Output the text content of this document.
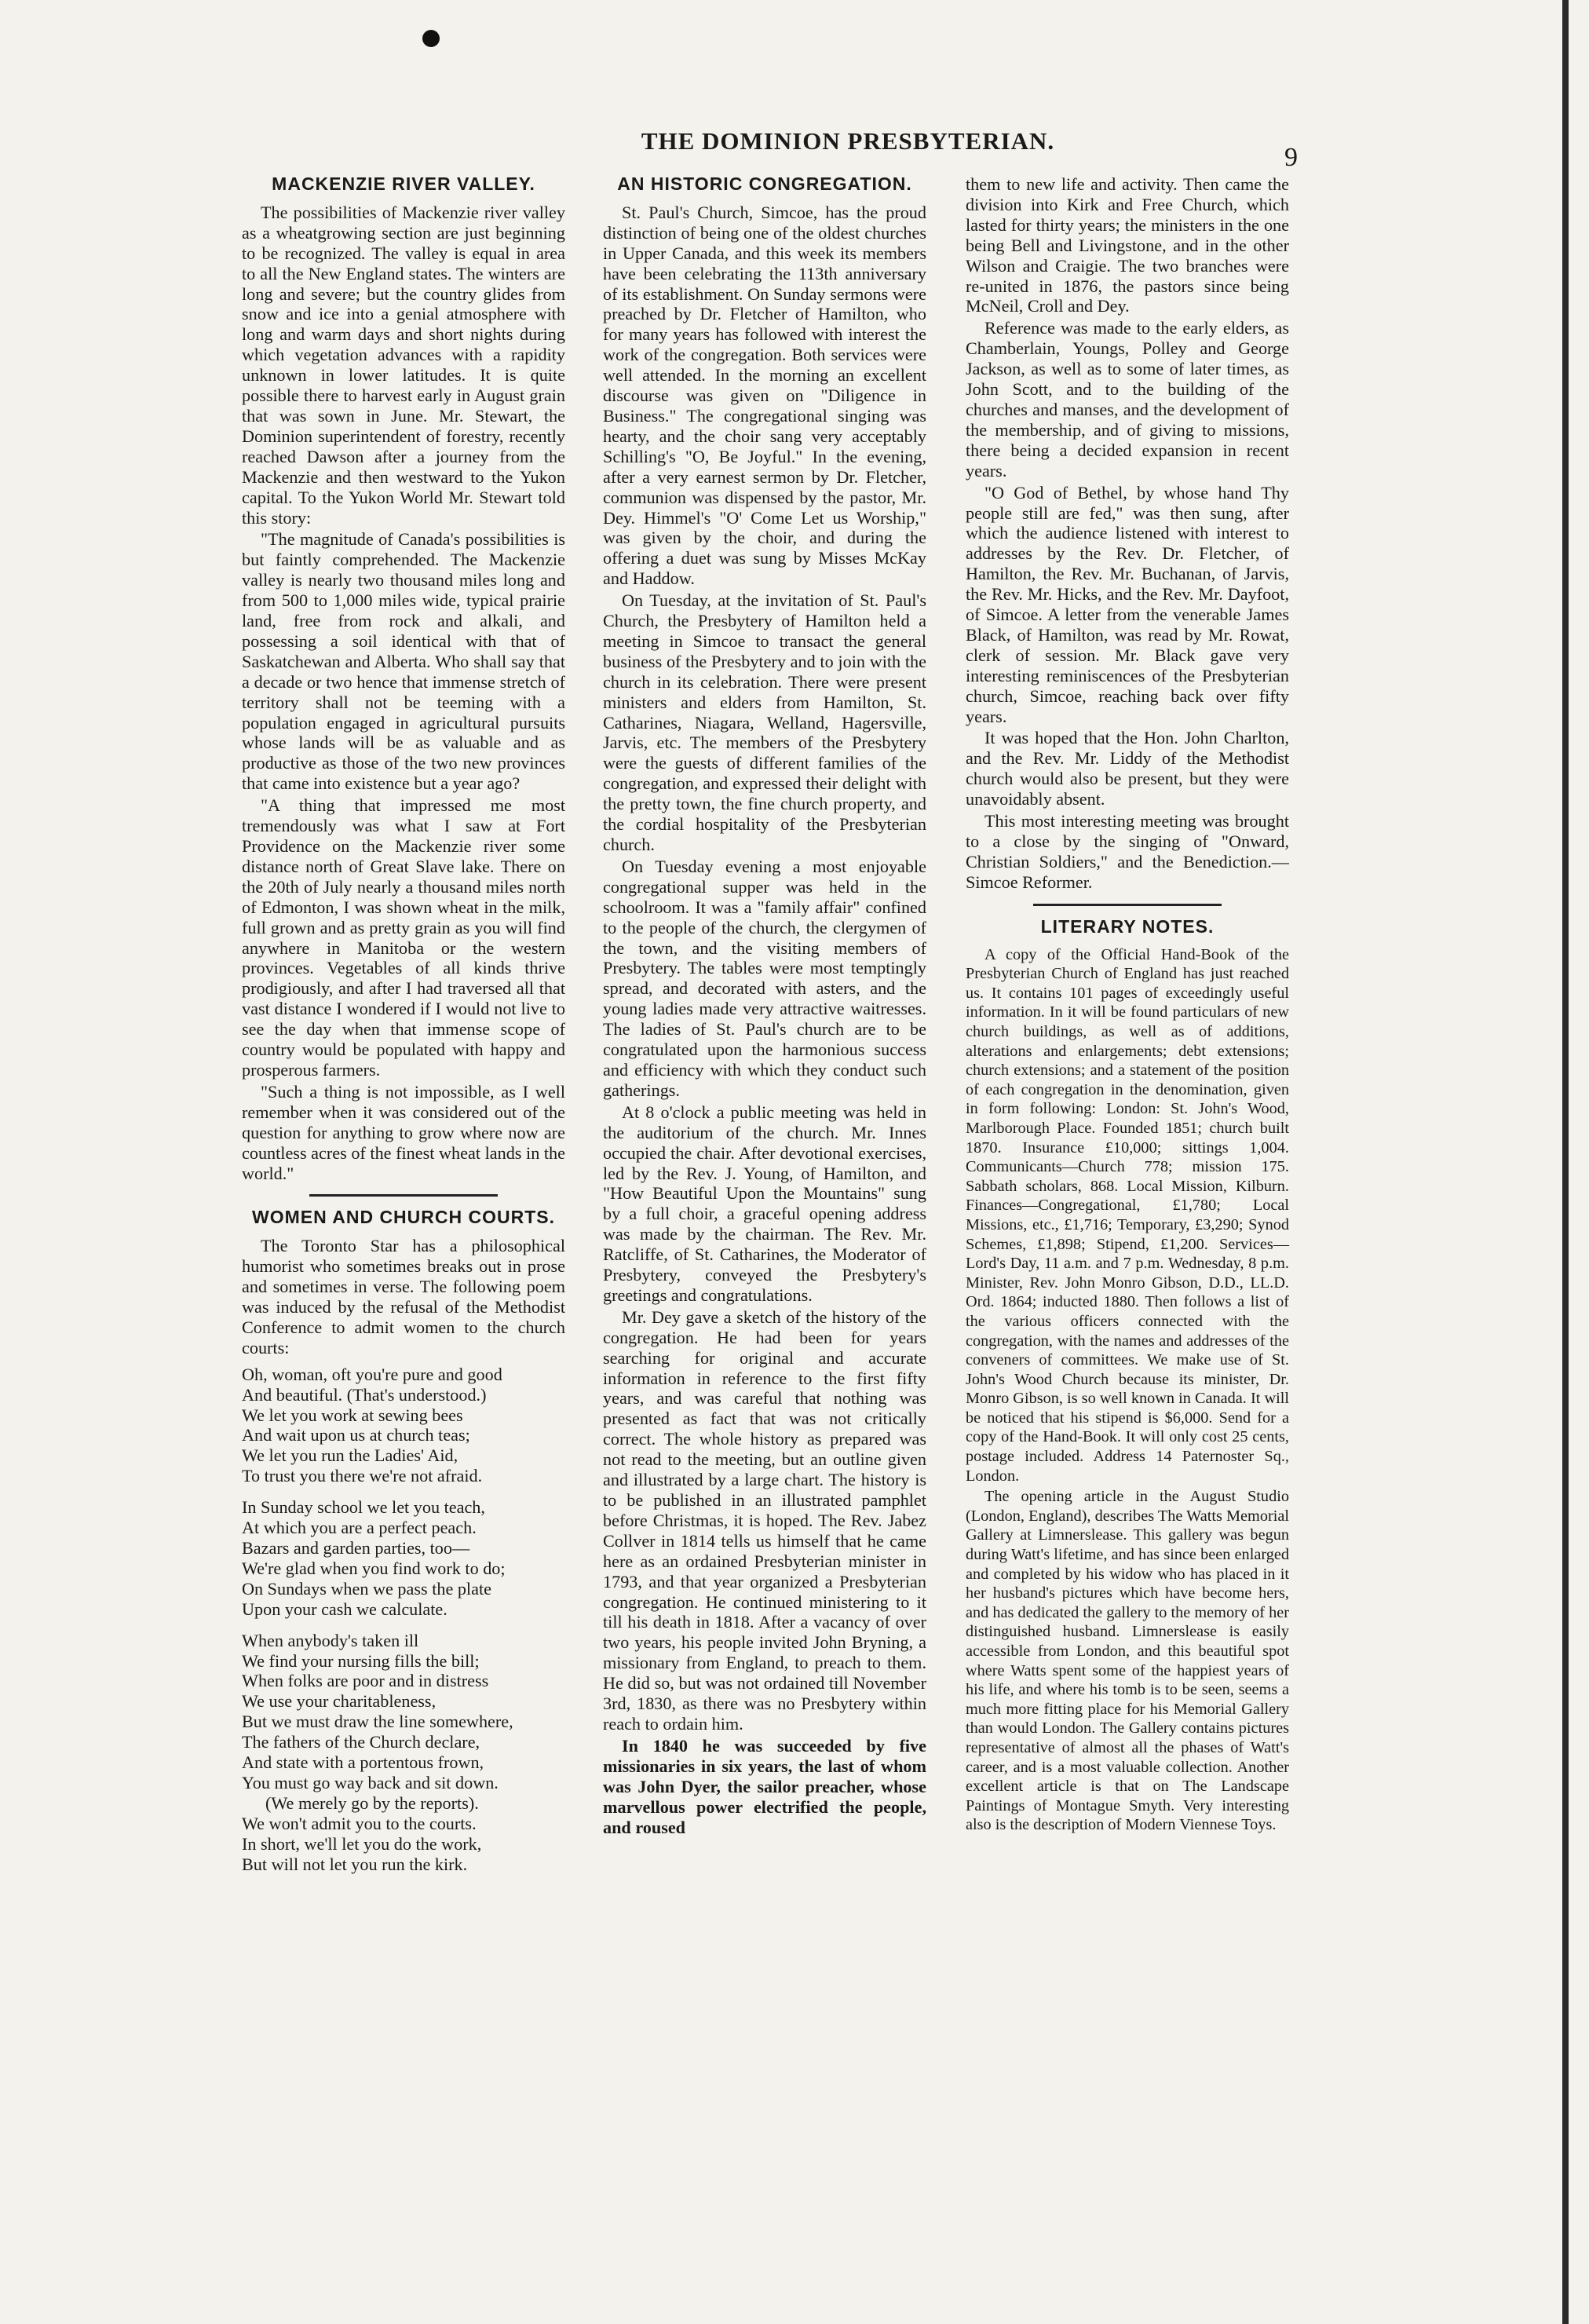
THE DOMINION PRESBYTERIAN.
9
MACKENZIE RIVER VALLEY.

The possibilities of Mackenzie river valley as a wheatgrowing section are just beginning to be recognized. The valley is equal in area to all the New England states. The winters are long and severe; but the country glides from snow and ice into a genial atmosphere with long and warm days and short nights during which vegetation advances with a rapidity unknown in lower latitudes. It is quite possible there to harvest early in August grain that was sown in June. Mr. Stewart, the Dominion superintendent of forestry, recently reached Dawson after a journey from the Mackenzie and then westward to the Yukon capital. To the Yukon World Mr. Stewart told this story:

"The magnitude of Canada's possibilities is but faintly comprehended. The Mackenzie valley is nearly two thousand miles long and from 500 to 1,000 miles wide, typical prairie land, free from rock and alkali, and possessing a soil identical with that of Saskatchewan and Alberta. Who shall say that a decade or two hence that immense stretch of territory shall not be teeming with a population engaged in agricultural pursuits whose lands will be as valuable and as productive as those of the two new provinces that came into existence but a year ago?

"A thing that impressed me most tremendously was what I saw at Fort Providence on the Mackenzie river some distance north of Great Slave lake. There on the 20th of July nearly a thousand miles north of Edmonton, I was shown wheat in the milk, full grown and as pretty grain as you will find anywhere in Manitoba or the western provinces. Vegetables of all kinds thrive prodigiously, and after I had traversed all that vast distance I wondered if I would not live to see the day when that immense scope of country would be populated with happy and prosperous farmers.

"Such a thing is not impossible, as I well remember when it was considered out of the question for anything to grow where now are countless acres of the finest wheat lands in the world."

WOMEN AND CHURCH COURTS.

The Toronto Star has a philosophical humorist who sometimes breaks out in prose and sometimes in verse. The following poem was induced by the refusal of the Methodist Conference to admit women to the church courts:

Oh, woman, oft you're pure and good
And beautiful. (That's understood.)
We let you work at sewing bees
And wait upon us at church teas;
We let you run the Ladies' Aid,
To trust you there we're not afraid.
In Sunday school we let you teach,
At which you are a perfect peach.
Bazars and garden parties, too—
We're glad when you find work to do;
On Sundays when we pass the plate
Upon your cash we calculate.
When anybody's taken ill
We find your nursing fills the bill;
When folks are poor and in distress
We use your charitableness,
But we must draw the line somewhere,
The fathers of the Church declare,
And state with a portentous frown,
You must go way back and sit down.
(We merely go by the reports).
We won't admit you to the courts.
In short, we'll let you do the work,
But will not let you run the kirk.
AN HISTORIC CONGREGATION.

St. Paul's Church, Simcoe, has the proud distinction of being one of the oldest churches in Upper Canada, and this week its members have been celebrating the 113th anniversary of its establishment. On Sunday sermons were preached by Dr. Fletcher of Hamilton, who for many years has followed with interest the work of the congregation. Both services were well attended. In the morning an excellent discourse was given on "Diligence in Business." The congregational singing was hearty, and the choir sang very acceptably Schilling's "O, Be Joyful." In the evening, after a very earnest sermon by Dr. Fletcher, communion was dispensed by the pastor, Mr. Dey. Himmel's "O' Come Let us Worship," was given by the choir, and during the offering a duet was sung by Misses McKay and Haddow.

On Tuesday, at the invitation of St. Paul's Church, the Presbytery of Hamilton held a meeting in Simcoe to transact the general business of the Presbytery and to join with the church in its celebration. There were present ministers and elders from Hamilton, St. Catharines, Niagara, Welland, Hagersville, Jarvis, etc. The members of the Presbytery were the guests of different families of the congregation, and expressed their delight with the pretty town, the fine church property, and the cordial hospitality of the Presbyterian church.

On Tuesday evening a most enjoyable congregational supper was held in the schoolroom. It was a "family affair" confined to the people of the church, the clergymen of the town, and the visiting members of Presbytery. The tables were most temptingly spread, and decorated with asters, and the young ladies made very attractive waitresses. The ladies of St. Paul's church are to be congratulated upon the harmonious success and efficiency with which they conduct such gatherings.

At 8 o'clock a public meeting was held in the auditorium of the church. Mr. Innes occupied the chair. After devotional exercises, led by the Rev. J. Young, of Hamilton, and "How Beautiful Upon the Mountains" sung by a full choir, a graceful opening address was made by the chairman. The Rev. Mr. Ratcliffe, of St. Catharines, the Moderator of Presbytery, conveyed the Presbytery's greetings and congratulations.

Mr. Dey gave a sketch of the history of the congregation. He had been for years searching for original and accurate information in reference to the first fifty years, and was careful that nothing was presented as fact that was not critically correct. The whole history as prepared was not read to the meeting, but an outline given and illustrated by a large chart. The history is to be published in an illustrated pamphlet before Christmas, it is hoped. The Rev. Jabez Collver in 1814 tells us himself that he came here as an ordained Presbyterian minister in 1793, and that year organized a Presbyterian congregation. He continued ministering to it till his death in 1818. After a vacancy of over two years, his people invited John Bryning, a missionary from England, to preach to them. He did so, but was not ordained till November 3rd, 1830, as there was no Presbytery within reach to ordain him.

In 1840 he was succeeded by five missionaries in six years, the last of whom was John Dyer, the sailor preacher, whose marvellous power electrified the people, and roused

them to new life and activity. Then came the division into Kirk and Free Church, which lasted for thirty years; the ministers in the one being Bell and Livingstone, and in the other Wilson and Craigie. The two branches were re-united in 1876, the pastors since being McNeil, Croll and Dey.

Reference was made to the early elders, as Chamberlain, Youngs, Polley and George Jackson, as well as to some of later times, as John Scott, and to the building of the churches and manses, and the development of the membership, and of giving to missions, there being a decided expansion in recent years.

"O God of Bethel, by whose hand Thy people still are fed," was then sung, after which the audience listened with interest to addresses by the Rev. Dr. Fletcher, of Hamilton, the Rev. Mr. Buchanan, of Jarvis, the Rev. Mr. Hicks, and the Rev. Mr. Dayfoot, of Simcoe. A letter from the venerable James Black, of Hamilton, was read by Mr. Rowat, clerk of session. Mr. Black gave very interesting reminiscences of the Presbyterian church, Simcoe, reaching back over fifty years.

It was hoped that the Hon. John Charlton, and the Rev. Mr. Liddy of the Methodist church would also be present, but they were unavoidably absent.

This most interesting meeting was brought to a close by the singing of "Onward, Christian Soldiers," and the Benediction.—Simcoe Reformer.

LITERARY NOTES.

A copy of the Official Hand-Book of the Presbyterian Church of England has just reached us. It contains 101 pages of exceedingly useful information. In it will be found particulars of new church buildings, as well as of additions, alterations and enlargements; debt extensions; church extensions; and a statement of the position of each congregation in the denomination, given in form following: London: St. John's Wood, Marlborough Place. Founded 1851; church built 1870. Insurance £10,000; sittings 1,004. Communicants—Church 778; mission 175. Sabbath scholars, 868. Local Mission, Kilburn. Finances—Congregational, £1,780; Local Missions, etc., £1,716; Temporary, £3,290; Synod Schemes, £1,898; Stipend, £1,200. Services—Lord's Day, 11 a.m. and 7 p.m. Wednesday, 8 p.m. Minister, Rev. John Monro Gibson, D.D., LL.D. Ord. 1864; inducted 1880. Then follows a list of the various officers connected with the congregation, with the names and addresses of the conveners of committees. We make use of St. John's Wood Church because its minister, Dr. Monro Gibson, is so well known in Canada. It will be noticed that his stipend is $6,000. Send for a copy of the Hand-Book. It will only cost 25 cents, postage included. Address 14 Paternoster Sq., London.

The opening article in the August Studio (London, England), describes The Watts Memorial Gallery at Limnerslease. This gallery was begun during Watt's lifetime, and has since been enlarged and completed by his widow who has placed in it her husband's pictures which have become hers, and has dedicated the gallery to the memory of her distinguished husband. Limnerslease is easily accessible from London, and this beautiful spot where Watts spent some of the happiest years of his life, and where his tomb is to be seen, seems a much more fitting place for his Memorial Gallery than would London. The Gallery contains pictures representative of almost all the phases of Watt's career, and is a most valuable collection. Another excellent article is that on The Landscape Paintings of Montague Smyth. Very interesting also is the description of Modern Viennese Toys.
